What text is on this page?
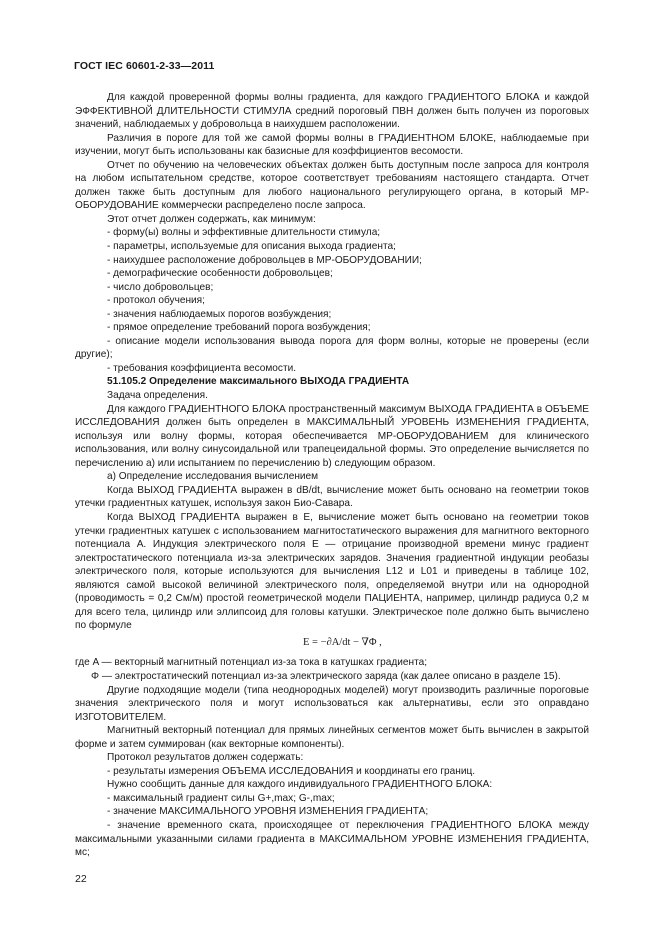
ГОСТ IEC 60601-2-33—2011

Для каждой проверенной формы волны градиента, для каждого ГРАДИЕНТОГО БЛОКА и каждой ЭФФЕКТИВНОЙ ДЛИТЕЛЬНОСТИ СТИМУЛА средний пороговый ПВН должен быть получен из пороговых значений, наблюдаемых у добровольца в наихудшем расположении.

Различия в пороге для той же самой формы волны в ГРАДИЕНТНОМ БЛОКЕ, наблюдаемые при изучении, могут быть использованы как базисные для коэффициентов весомости.

Отчет по обучению на человеческих объектах должен быть доступным после запроса для контроля на любом испытательном средстве, которое соответствует требованиям настоящего стандарта. Отчет должен также быть доступным для любого национального регулирующего органа, в который МР-ОБОРУДОВАНИЕ коммерчески распределено после запроса.

Этот отчет должен содержать, как минимум:

- форму(ы) волны и эффективные длительности стимула;

- параметры, используемые для описания выхода градиента;

- наихудшее расположение добровольцев в МР-ОБОРУДОВАНИИ;

- демографические особенности добровольцев;

- число добровольцев;

- протокол обучения;

- значения наблюдаемых порогов возбуждения;

- прямое определение требований порога возбуждения;

- описание модели использования вывода порога для форм волны, которые не проверены (если другие);

- требования коэффициента весомости.

51.105.2 Определение максимального ВЫХОДА ГРАДИЕНТА

Задача определения.

Для каждого ГРАДИЕНТНОГО БЛОКА пространственный максимум ВЫХОДА ГРАДИЕНТА в ОБЪЕМЕ ИССЛЕДОВАНИЯ должен быть определен в МАКСИМАЛЬНЫЙ УРОВЕНЬ ИЗМЕНЕНИЯ ГРАДИЕНТА, используя или волну формы, которая обеспечивается МР-ОБОРУДОВАНИЕМ для клинического использования, или волну синусоидальной или трапецеидальной формы. Это определение вычисляется по перечислению а) или испытанием по перечислению b) следующим образом.

а) Определение исследования вычислением

Когда ВЫХОД ГРАДИЕНТА выражен в dB/dt, вычисление может быть основано на геометрии токов утечки градиентных катушек, используя закон Био-Савара.

Когда ВЫХОД ГРАДИЕНТА выражен в E, вычисление может быть основано на геометрии токов утечки градиентных катушек с использованием магнитостатического выражения для магнитного векторного потенциала A. Индукция электрического поля E — отрицание производной времени минус градиент электростатического потенциала из-за электрических зарядов. Значения градиентной индукции реобазы электрического поля, которые используются для вычисления L12 и L01 и приведены в таблице 102, являются самой высокой величиной электрического поля, определяемой внутри или на однородной (проводимость = 0,2 См/м) простой геометрической модели ПАЦИЕНТА, например, цилиндр радиуса 0,2 м для всего тела, цилиндр или эллипсоид для головы катушки. Электрическое поле должно быть вычислено по формуле

E = −∂A/dt − ∇Φ ,

где A — векторный магнитный потенциал из-за тока в катушках градиента;

Φ — электростатический потенциал из-за электрического заряда (как далее описано в разделе 15).

Другие подходящие модели (типа неоднородных моделей) могут производить различные пороговые значения электрического поля и могут использоваться как альтернативы, если это оправдано ИЗГОТОВИТЕЛЕМ.

Магнитный векторный потенциал для прямых линейных сегментов может быть вычислен в закрытой форме и затем суммирован (как векторные компоненты).

Протокол результатов должен содержать:

- результаты измерения ОБЪЕМА ИССЛЕДОВАНИЯ и координаты его границ.

Нужно сообщить данные для каждого индивидуального ГРАДИЕНТНОГО БЛОКА:

- максимальный градиент силы G+,max; G-,max;

- значение МАКСИМАЛЬНОГО УРОВНЯ ИЗМЕНЕНИЯ ГРАДИЕНТА;

- значение временного ската, происходящее от переключения ГРАДИЕНТНОГО БЛОКА между максимальными указанными силами градиента в МАКСИМАЛЬНОМ УРОВНЕ ИЗМЕНЕНИЯ ГРАДИЕНТА, мс;

22
